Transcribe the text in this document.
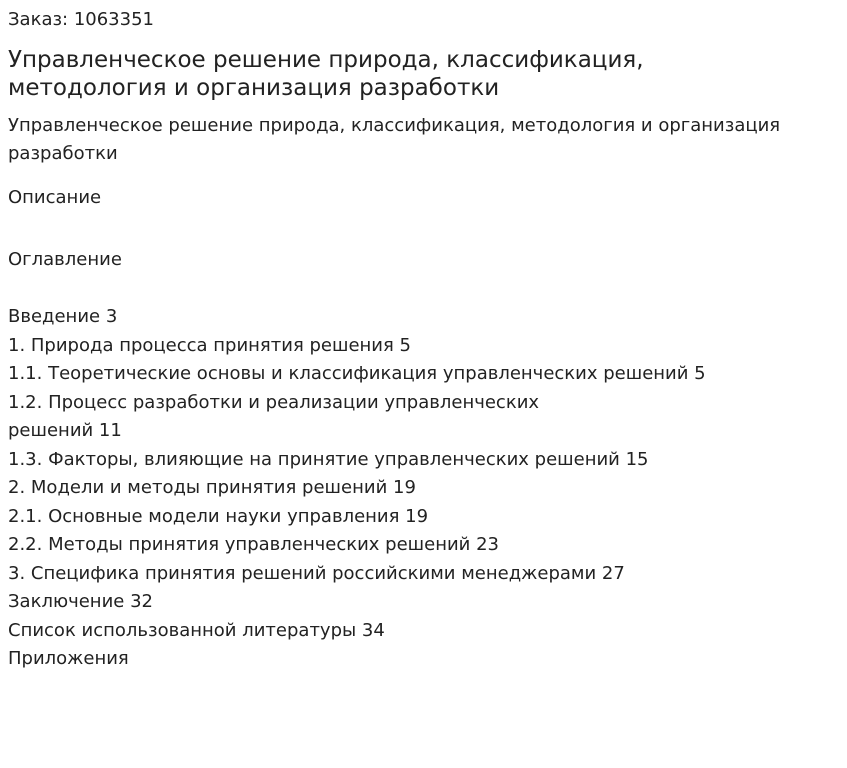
Заказ: 1063351
Управленческое решение природа, классификация, методология и организация разработки
Управленческое решение природа, классификация, методология и организация разработки
Описание
Оглавление
Введение 3
1. Природа процесса принятия решения 5
1.1. Теоретические основы и классификация управленческих решений 5
1.2. Процесс разработки и реализации управленческих решений 11
1.3. Факторы, влияющие на принятие управленческих решений 15
2. Модели и методы принятия решений 19
2.1. Основные модели науки управления 19
2.2. Методы принятия управленческих решений 23
3. Специфика принятия решений российскими менеджерами 27
Заключение 32
Список использованной литературы 34
Приложения
